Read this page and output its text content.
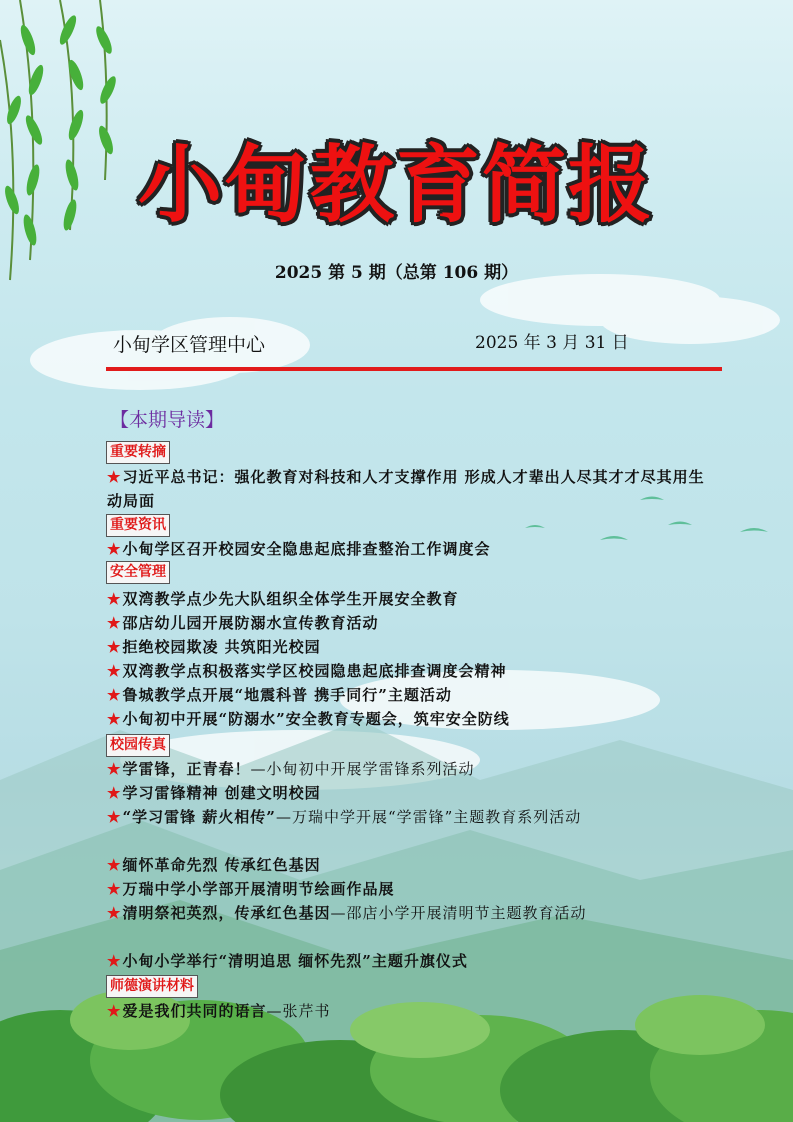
小甸教育简报
2025 第 5 期（总第 106 期）
小甸学区管理中心	2025 年 3 月 31 日
【本期导读】
重要转摘
★习近平总书记：强化教育对科技和人才支撑作用 形成人才辈出人尽其才才尽其用生动局面
重要资讯
★小甸学区召开校园安全隐患起底排查整治工作调度会
安全管理
★双湾教学点少先大队组织全体学生开展安全教育
★邵店幼儿园开展防溺水宣传教育活动
★拒绝校园欺凌 共筑阳光校园
★双湾教学点积极落实学区校园隐患起底排查调度会精神
★鲁城教学点开展“地震科普 携手同行”主题活动
★小甸初中开展“防溺水”安全教育专题会，筑牢安全防线
校园传真
★学雷锋，正青春！—小甸初中开展学雷锋系列活动
★学习雷锋精神 创建文明校园
★“学习雷锋 薪火相传”—万瑞中学开展“学雷锋”主题教育系列活动
★缅怀革命先烈 传承红色基因
★万瑞中学小学部开展清明节绘画作品展
★清明祭祀英烈，传承红色基因—邵店小学开展清明节主题教育活动
★小甸小学举行“清明追思 缅怀先烈”主题升旗仪式
师德演讲材料
★爱是我们共同的语言—张芹书
